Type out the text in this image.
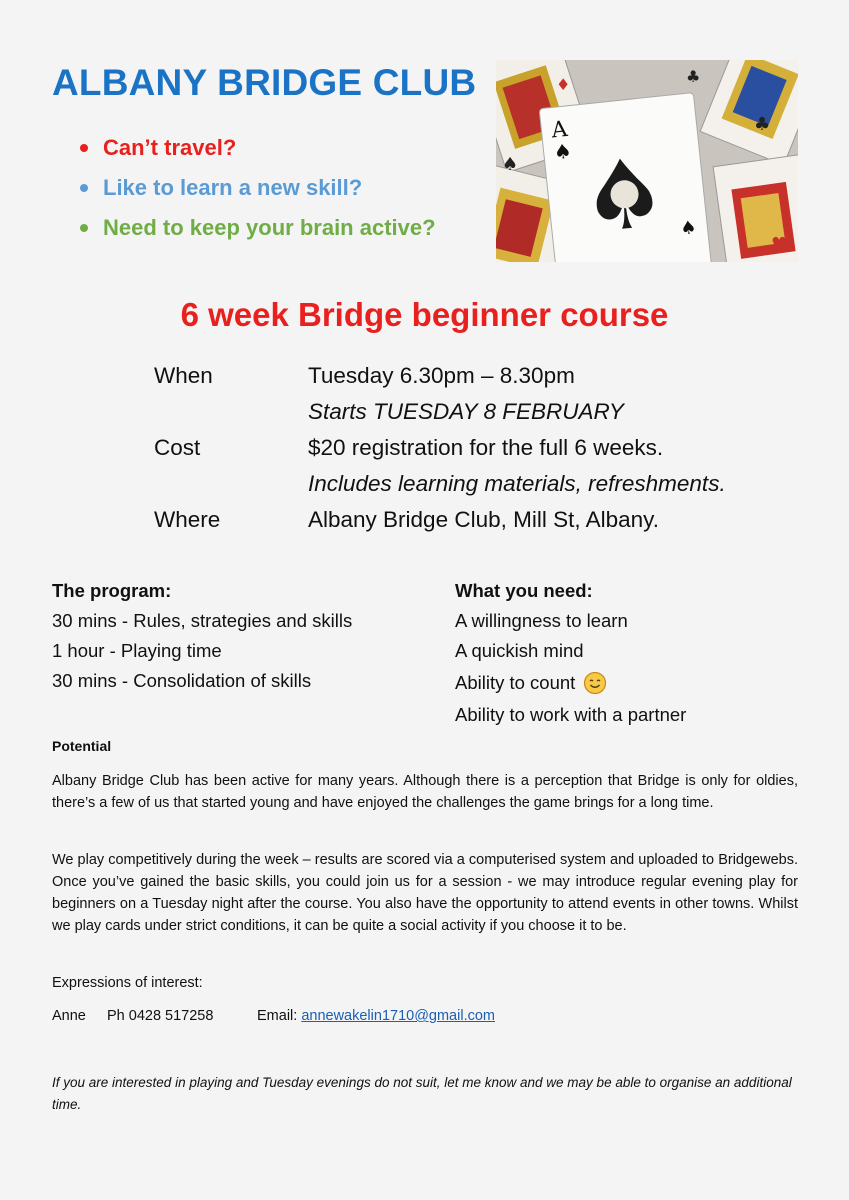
ALBANY BRIDGE CLUB
Can’t travel?
Like to learn a new skill?
Need to keep your brain active?
♦	♣
♣
♥
♠
A
♠
♠
6 week Bridge beginner course
When	Tuesday 6.30pm – 8.30pm
Starts TUESDAY 8 FEBRUARY
Cost	$20 registration for the full 6 weeks.
Includes learning materials, refreshments.
Where	Albany Bridge Club, Mill St, Albany.
The program:
30 mins - Rules, strategies and skills
1 hour - Playing time
30 mins - Consolidation of skills
What you need:
A willingness to learn
A quickish mind
Ability to count
Ability to work with a partner
Potential
Albany Bridge Club has been active for many years. Although there is a perception that Bridge is only for oldies, there’s a few of us that started young and have enjoyed the challenges the game brings for a long time.
We play competitively during the week – results are scored via a computerised system and uploaded to Bridgewebs. Once you’ve gained the basic skills, you could join us for a session - we may introduce regular evening play for beginners on a Tuesday night after the course. You also have the opportunity to attend events in other towns. Whilst we play cards under strict conditions, it can be quite a social activity if you choose it to be.
Expressions of interest:
Anne	Ph 0428 517258	Email:
annewakelin1710@gmail.com
If you are interested in playing and Tuesday evenings do not suit, let me know and we may be able to organise an additional time.
